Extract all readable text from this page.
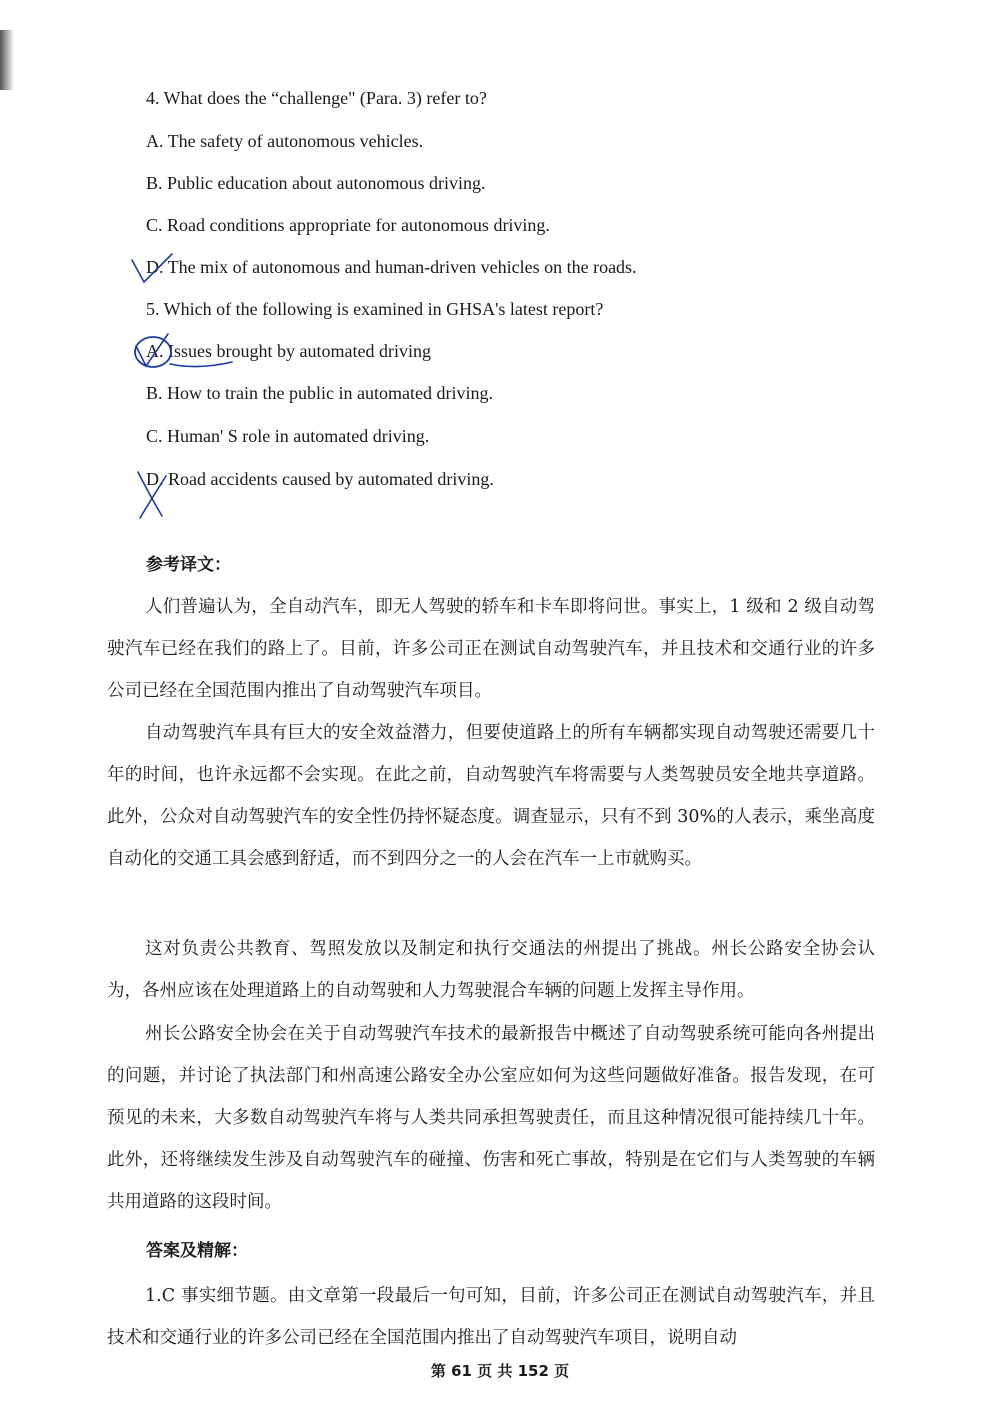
4. What does the “challenge" (Para. 3) refer to?
A. The safety of autonomous vehicles.
B. Public education about autonomous driving.
C. Road conditions appropriate for autonomous driving.
D. The mix of autonomous and human-driven vehicles on the roads.
5. Which of the following is examined in GHSA's latest report?
A. Issues brought by automated driving
B. How to train the public in automated driving.
C. Human' S role in automated driving.
D. Road accidents caused by automated driving.
参考译文：
人们普遍认为，全自动汽车，即无人驾驶的轿车和卡车即将问世。事实上，1 级和 2 级自动驾驶汽车已经在我们的路上了。目前，许多公司正在测试自动驾驶汽车，并且技术和交通行业的许多公司已经在全国范围内推出了自动驾驶汽车项目。
自动驾驶汽车具有巨大的安全效益潜力，但要使道路上的所有车辆都实现自动驾驶还需要几十年的时间，也许永远都不会实现。在此之前，自动驾驶汽车将需要与人类驾驶员安全地共享道路。此外，公众对自动驾驶汽车的安全性仍持怀疑态度。调查显示，只有不到 30%的人表示，乘坐高度自动化的交通工具会感到舒适，而不到四分之一的人会在汽车一上市就购买。
这对负责公共教育、驾照发放以及制定和执行交通法的州提出了挑战。州长公路安全协会认为，各州应该在处理道路上的自动驾驶和人力驾驶混合车辆的问题上发挥主导作用。
州长公路安全协会在关于自动驾驶汽车技术的最新报告中概述了自动驾驶系统可能向各州提出的问题，并讨论了执法部门和州高速公路安全办公室应如何为这些问题做好准备。报告发现，在可预见的未来，大多数自动驾驶汽车将与人类共同承担驾驶责任，而且这种情况很可能持续几十年。此外，还将继续发生涉及自动驾驶汽车的碰撞、伤害和死亡事故，特别是在它们与人类驾驶的车辆共用道路的这段时间。
答案及精解：
1.C 事实细节题。由文章第一段最后一句可知，目前，许多公司正在测试自动驾驶汽车，并且技术和交通行业的许多公司已经在全国范围内推出了自动驾驶汽车项目，说明自动
第 61 页 共 152 页
